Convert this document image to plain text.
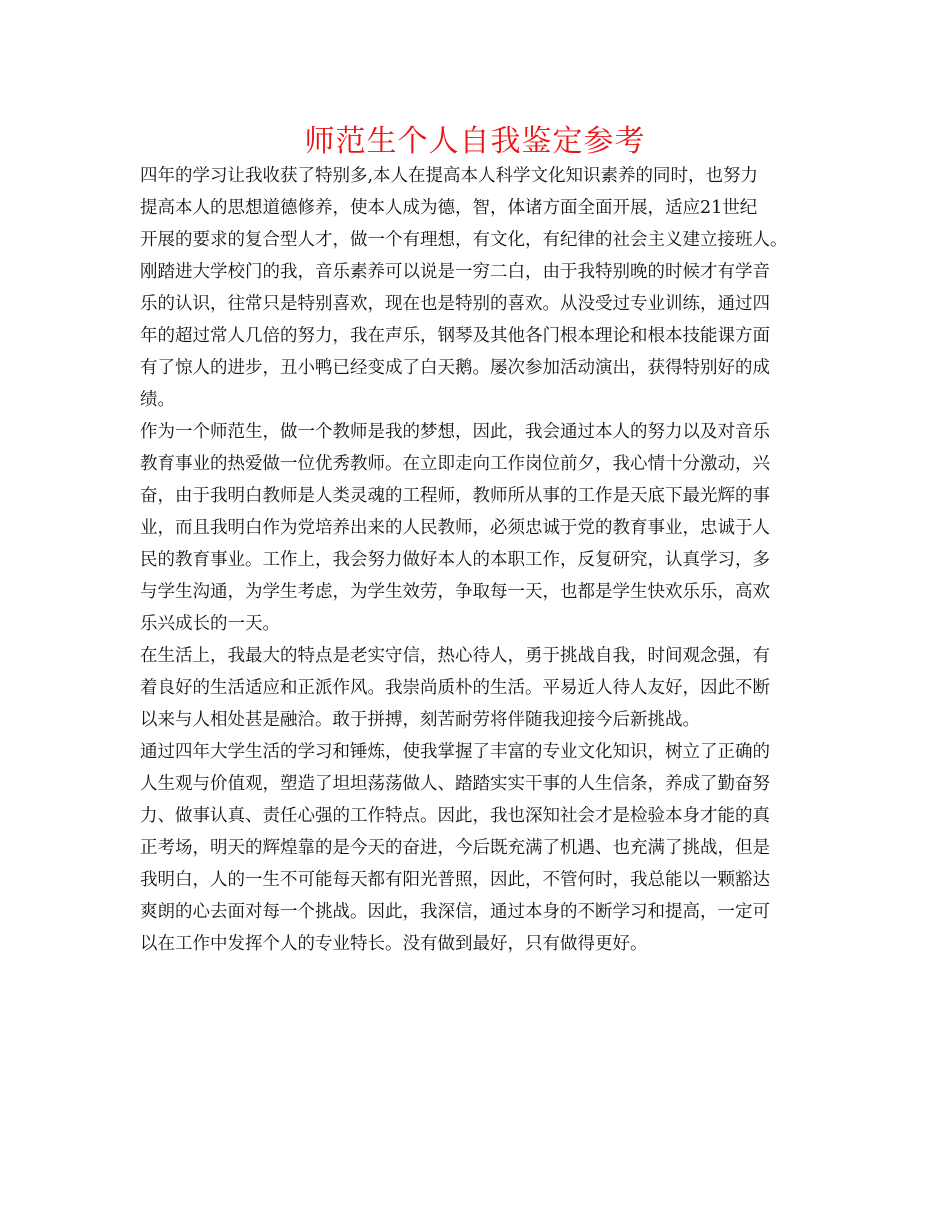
师范生个人自我鉴定参考

四年的学习让我收获了特别多,本人在提高本人科学文化知识素养的同时，也努力
提高本人的思想道德修养，使本人成为德，智，体诸方面全面开展，适应21世纪
开展的要求的复合型人才，做一个有理想，有文化，有纪律的社会主义建立接班人。

刚踏进大学校门的我，音乐素养可以说是一穷二白，由于我特别晚的时候才有学音
乐的认识，往常只是特别喜欢，现在也是特别的喜欢。从没受过专业训练，通过四
年的超过常人几倍的努力，我在声乐，钢琴及其他各门根本理论和根本技能课方面
有了惊人的进步，丑小鸭已经变成了白天鹅。屡次参加活动演出，获得特别好的成
绩。

作为一个师范生，做一个教师是我的梦想，因此，我会通过本人的努力以及对音乐
教育事业的热爱做一位优秀教师。在立即走向工作岗位前夕，我心情十分激动，兴
奋，由于我明白教师是人类灵魂的工程师，教师所从事的工作是天底下最光辉的事
业，而且我明白作为党培养出来的人民教师，必须忠诚于党的教育事业，忠诚于人
民的教育事业。工作上，我会努力做好本人的本职工作，反复研究，认真学习，多
与学生沟通，为学生考虑，为学生效劳，争取每一天，也都是学生快欢乐乐，高欢
乐兴成长的一天。

在生活上，我最大的特点是老实守信，热心待人，勇于挑战自我，时间观念强，有
着良好的生活适应和正派作风。我崇尚质朴的生活。平易近人待人友好，因此不断
以来与人相处甚是融洽。敢于拼搏，刻苦耐劳将伴随我迎接今后新挑战。

通过四年大学生活的学习和锤炼，使我掌握了丰富的专业文化知识，树立了正确的
人生观与价值观，塑造了坦坦荡荡做人、踏踏实实干事的人生信条，养成了勤奋努
力、做事认真、责任心强的工作特点。因此，我也深知社会才是检验本身才能的真
正考场，明天的辉煌靠的是今天的奋进，今后既充满了机遇、也充满了挑战，但是
我明白，人的一生不可能每天都有阳光普照，因此，不管何时，我总能以一颗豁达
爽朗的心去面对每一个挑战。因此，我深信，通过本身的不断学习和提高，一定可
以在工作中发挥个人的专业特长。没有做到最好，只有做得更好。
